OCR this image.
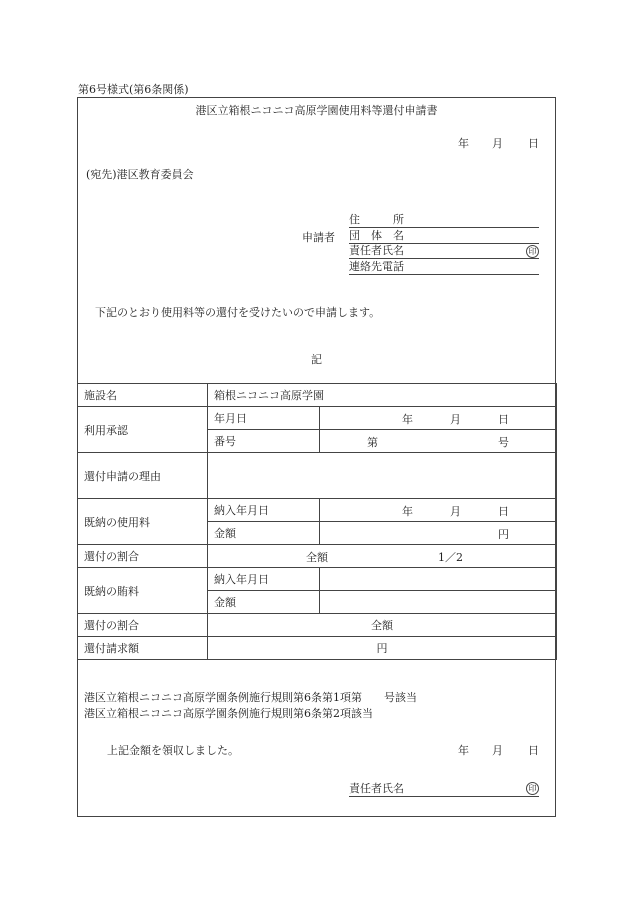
第6号様式(第6条関係)
港区立箱根ニコニコ高原学園使用料等還付申請書
年 月 日
(宛先)港区教育委員会
申請者
住　　　所
団　体　名
責任者氏名	印
連絡先電話
下記のとおり使用料等の還付を受けたいので申請します。
記
施設名	箱根ニコニコ高原学園	
利用承認	年月日	年 月 日

	番号	第 号

還付申請の理由		
既納の使用料	納入年月日	年 月 日

	金額	円

還付の割合	全額 1／2	

既納の賄料	納入年月日	
	金額	
還付の割合	全額	
還付請求額	円	
港区立箱根ニコニコ高原学園条例施行規則第6条第1項第　　号該当
港区立箱根ニコニコ高原学園条例施行規則第6条第2項該当
上記金額を領収しました。	年 月 日
責任者氏名	印
